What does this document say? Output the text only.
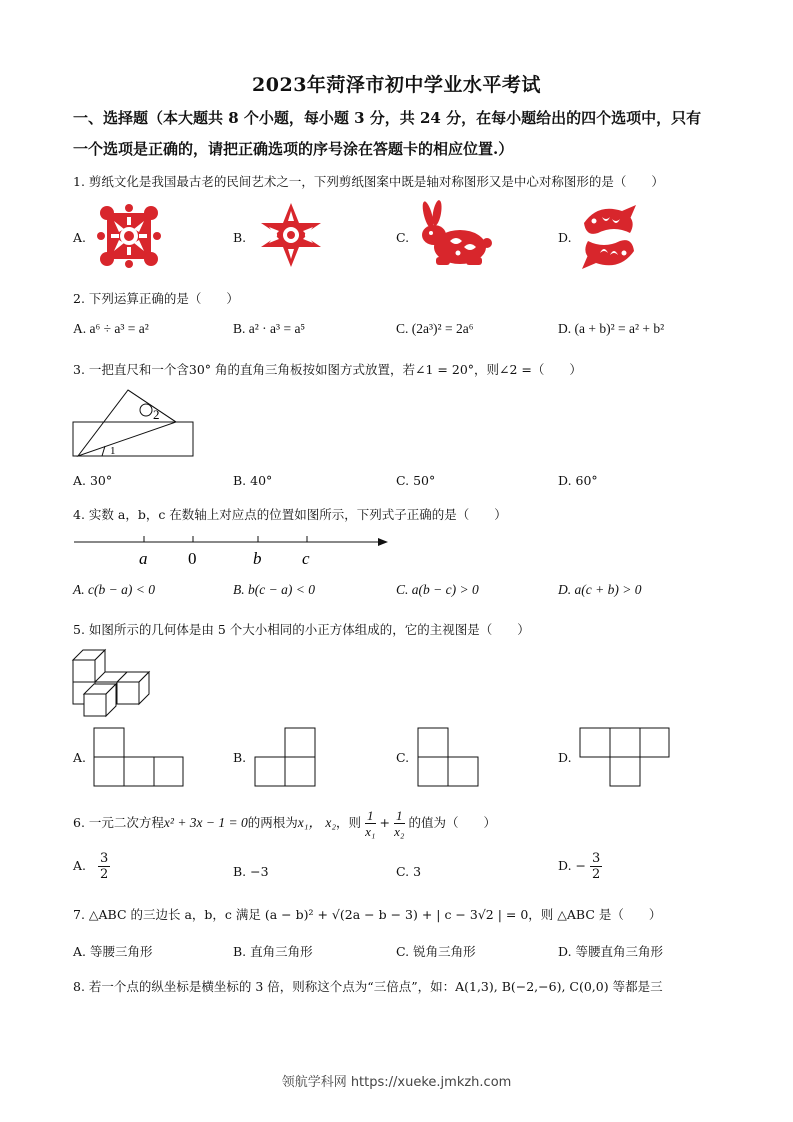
2023年菏泽市初中学业水平考试
一、选择题（本大题共 8 个小题，每小题 3 分，共 24 分，在每小题给出的四个选项中，只有
一个选项是正确的，请把正确选项的序号涂在答题卡的相应位置.）
1. 剪纸文化是我国最古老的民间艺术之一，下列剪纸图案中既是轴对称图形又是中心对称图形的是（　　）
A.	B.	C.	D.
2. 下列运算正确的是（　　）
A. a⁶ ÷ a³ = a²	B. a² · a³ = a⁵	C. (2a³)² = 2a⁶	D. (a + b)² = a² + b²
3. 一把直尺和一个含30° 角的直角三角板按如图方式放置，若∠1 = 20°，则∠2 =（　　）
2
1
A. 30°	B. 40°	C. 50°	D. 60°
4. 实数 a，b，c 在数轴上对应点的位置如图所示，下列式子正确的是（　　）
a 0	b c
A. c(b − a) < 0	B. b(c − a) < 0	C. a(b − c) > 0	D. a(c + b) > 0
5. 如图所示的几何体是由 5 个大小相同的小正方体组成的，它的主视图是（　　）
A.	B.	C.	D.
6. 一元二次方程x² + 3x − 1 = 0的两根为x₁， x₂，则 $\frac{1}{\text{x₁}} + \frac{1}{\text{x₂}}$ 的值为（　　）
A. $\frac{3}{2}$	B. −3	C. 3	D. − $\frac{3}{2}$
7. △ABC 的三边长 a，b，c 满足 (a − b)² + √(2a − b − 3) + | c − 3√2 | = 0，则 △ABC 是（　　）
A. 等腰三角形	B. 直角三角形	C. 锐角三角形	D. 等腰直角三角形
8. 若一个点的纵坐标是横坐标的 3 倍，则称这个点为“三倍点”，如：A(1,3), B(−2,−6), C(0,0) 等都是三
领航学科网 https://xueke.jmkzh.com
